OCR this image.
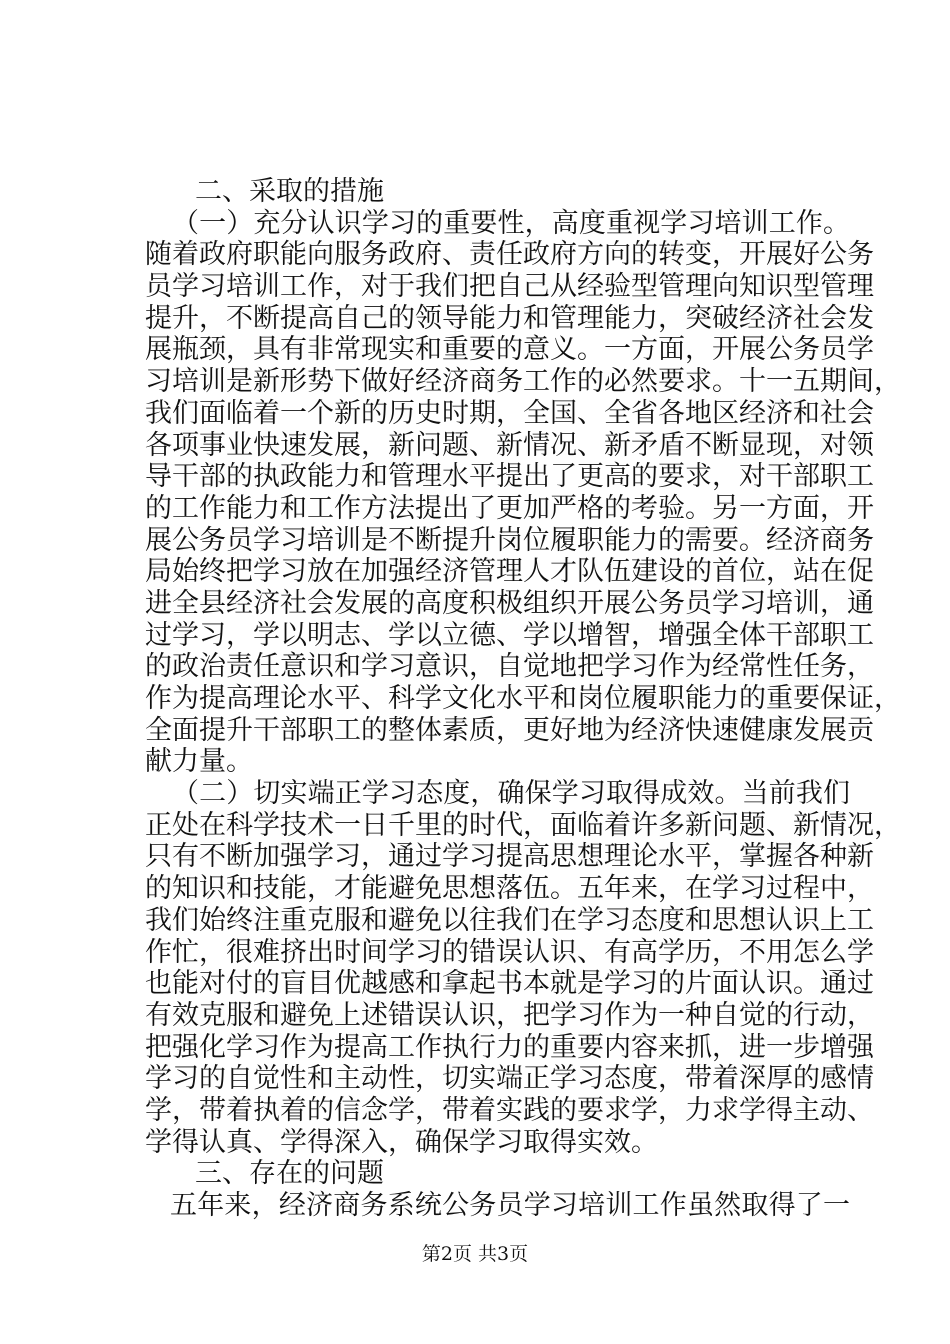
二、采取的措施
（一）充分认识学习的重要性，高度重视学习培训工作。
随着政府职能向服务政府、责任政府方向的转变，开展好公务
员学习培训工作，对于我们把自己从经验型管理向知识型管理
提升，不断提高自己的领导能力和管理能力，突破经济社会发
展瓶颈，具有非常现实和重要的意义。一方面，开展公务员学
习培训是新形势下做好经济商务工作的必然要求。十一五期间，
我们面临着一个新的历史时期，全国、全省各地区经济和社会
各项事业快速发展，新问题、新情况、新矛盾不断显现，对领
导干部的执政能力和管理水平提出了更高的要求，对干部职工
的工作能力和工作方法提出了更加严格的考验。另一方面，开
展公务员学习培训是不断提升岗位履职能力的需要。经济商务
局始终把学习放在加强经济管理人才队伍建设的首位，站在促
进全县经济社会发展的高度积极组织开展公务员学习培训，通
过学习，学以明志、学以立德、学以增智，增强全体干部职工
的政治责任意识和学习意识，自觉地把学习作为经常性任务，
作为提高理论水平、科学文化水平和岗位履职能力的重要保证，
全面提升干部职工的整体素质，更好地为经济快速健康发展贡
献力量。
（二）切实端正学习态度，确保学习取得成效。当前我们
正处在科学技术一日千里的时代，面临着许多新问题、新情况，
只有不断加强学习，通过学习提高思想理论水平，掌握各种新
的知识和技能，才能避免思想落伍。五年来，在学习过程中，
我们始终注重克服和避免以往我们在学习态度和思想认识上工
作忙，很难挤出时间学习的错误认识、有高学历，不用怎么学
也能对付的盲目优越感和拿起书本就是学习的片面认识。通过
有效克服和避免上述错误认识，把学习作为一种自觉的行动，
把强化学习作为提高工作执行力的重要内容来抓，进一步增强
学习的自觉性和主动性，切实端正学习态度，带着深厚的感情
学，带着执着的信念学，带着实践的要求学，力求学得主动、
学得认真、学得深入，确保学习取得实效。
三、存在的问题
五年来，经济商务系统公务员学习培训工作虽然取得了一
第2页 共3页
